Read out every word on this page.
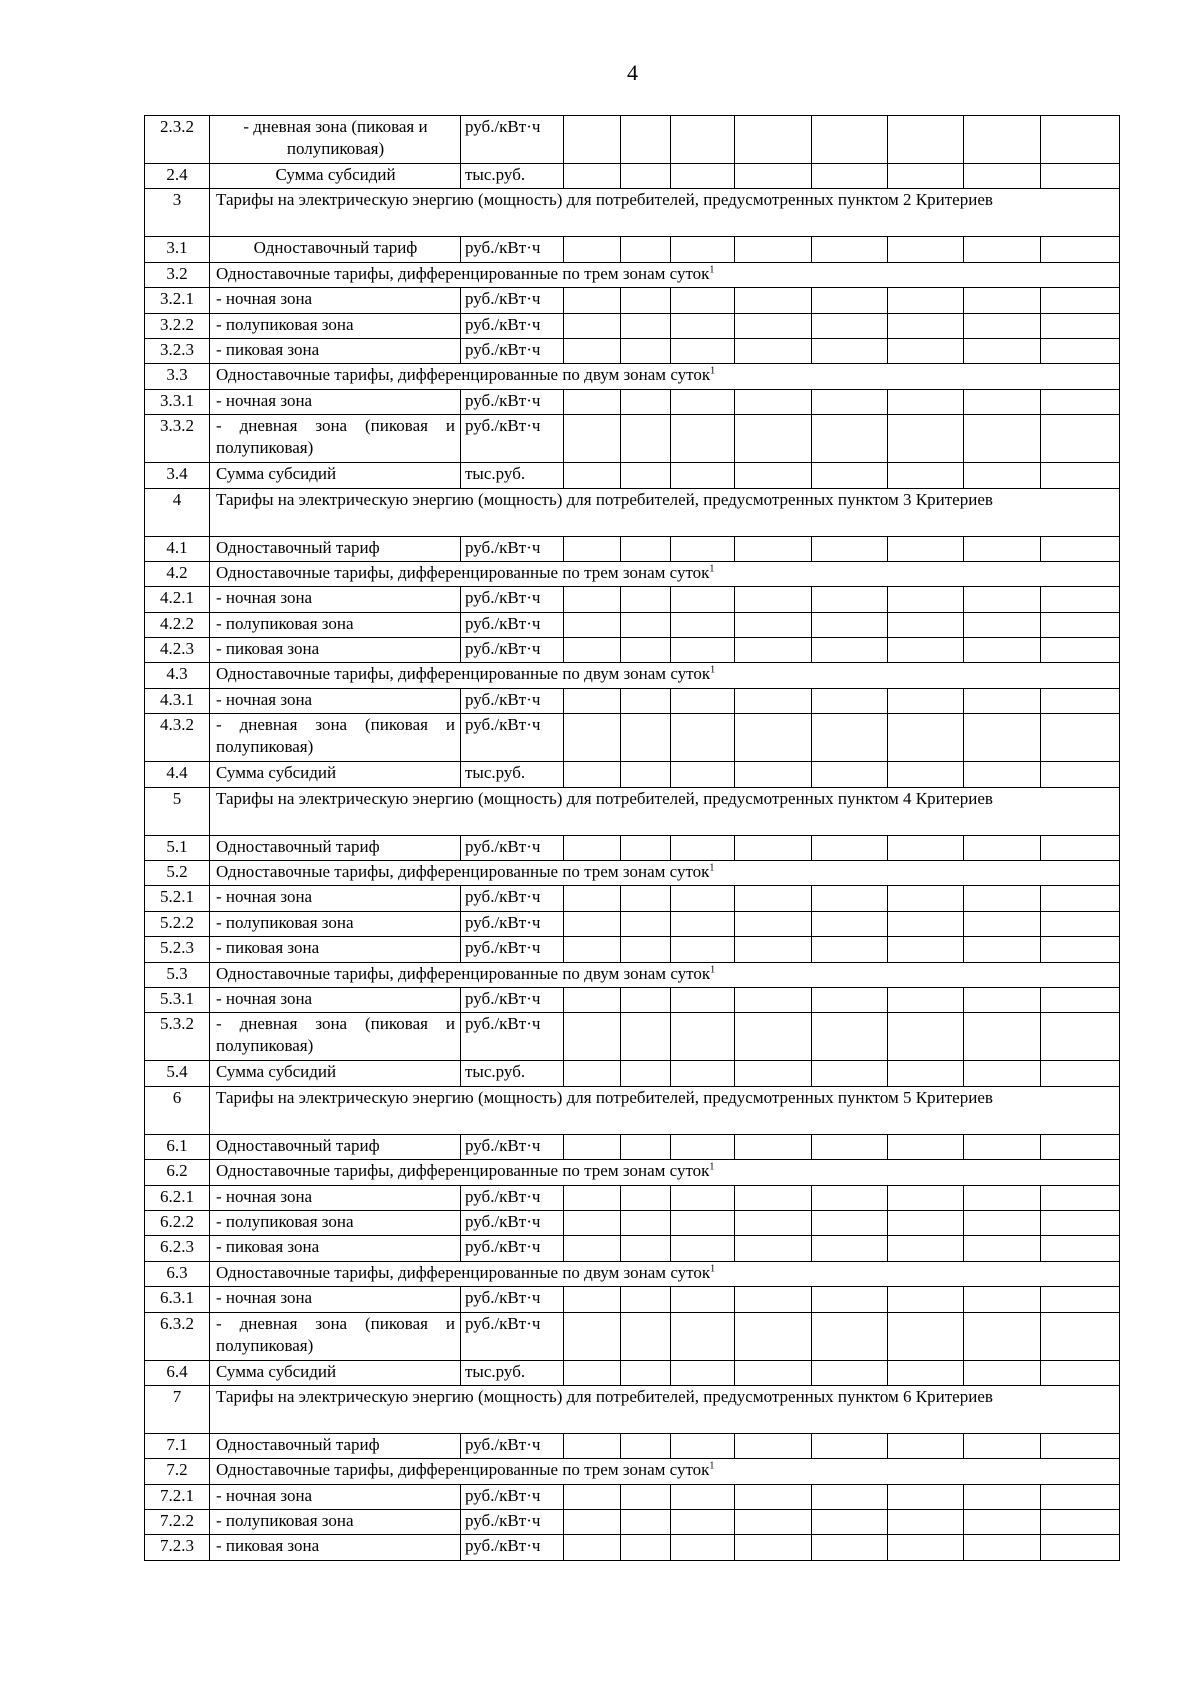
4
2.3.2	- дневная зона (пиковая и полупиковая)	руб./кВт·ч								
2.4	Сумма субсидий	тыс.руб.								
3	Тарифы на электрическую энергию (мощность) для потребителей, предусмотренных пунктом 2 Критериев									
3.1	Одноставочный тариф	руб./кВт·ч								
3.2	Одноставочные тарифы, дифференцированные по трем зонам суток$^1$
3.2.1	- ночная зона	руб./кВт·ч								
3.2.2	- полупиковая зона	руб./кВт·ч								
3.2.3	- пиковая зона	руб./кВт·ч								
3.3	Одноставочные тарифы, дифференцированные по двум зонам суток$^1$
3.3.1	- ночная зона	руб./кВт·ч								
3.3.2	- дневная зона (пиковая и полупиковая)	руб./кВт·ч								
3.4	Сумма субсидий	тыс.руб.								
4	Тарифы на электрическую энергию (мощность) для потребителей, предусмотренных пунктом 3 Критериев									
4.1	Одноставочный тариф	руб./кВт·ч								
4.2	Одноставочные тарифы, дифференцированные по трем зонам суток$^1$
4.2.1	- ночная зона	руб./кВт·ч								
4.2.2	- полупиковая зона	руб./кВт·ч								
4.2.3	- пиковая зона	руб./кВт·ч								
4.3	Одноставочные тарифы, дифференцированные по двум зонам суток$^1$
4.3.1	- ночная зона	руб./кВт·ч								
4.3.2	- дневная зона (пиковая и полупиковая)	руб./кВт·ч								
4.4	Сумма субсидий	тыс.руб.								
5	Тарифы на электрическую энергию (мощность) для потребителей, предусмотренных пунктом 4 Критериев									
5.1	Одноставочный тариф	руб./кВт·ч								
5.2	Одноставочные тарифы, дифференцированные по трем зонам суток$^1$
5.2.1	- ночная зона	руб./кВт·ч								
5.2.2	- полупиковая зона	руб./кВт·ч								
5.2.3	- пиковая зона	руб./кВт·ч								
5.3	Одноставочные тарифы, дифференцированные по двум зонам суток$^1$
5.3.1	- ночная зона	руб./кВт·ч								
5.3.2	- дневная зона (пиковая и полупиковая)	руб./кВт·ч								
5.4	Сумма субсидий	тыс.руб.								
6	Тарифы на электрическую энергию (мощность) для потребителей, предусмотренных пунктом 5 Критериев									
6.1	Одноставочный тариф	руб./кВт·ч								
6.2	Одноставочные тарифы, дифференцированные по трем зонам суток$^1$
6.2.1	- ночная зона	руб./кВт·ч								
6.2.2	- полупиковая зона	руб./кВт·ч								
6.2.3	- пиковая зона	руб./кВт·ч								
6.3	Одноставочные тарифы, дифференцированные по двум зонам суток$^1$
6.3.1	- ночная зона	руб./кВт·ч								
6.3.2	- дневная зона (пиковая и полупиковая)	руб./кВт·ч								
6.4	Сумма субсидий	тыс.руб.								
7	Тарифы на электрическую энергию (мощность) для потребителей, предусмотренных пунктом 6 Критериев									
7.1	Одноставочный тариф	руб./кВт·ч								
7.2	Одноставочные тарифы, дифференцированные по трем зонам суток$^1$
7.2.1	- ночная зона	руб./кВт·ч								
7.2.2	- полупиковая зона	руб./кВт·ч								
7.2.3	- пиковая зона	руб./кВт·ч								
